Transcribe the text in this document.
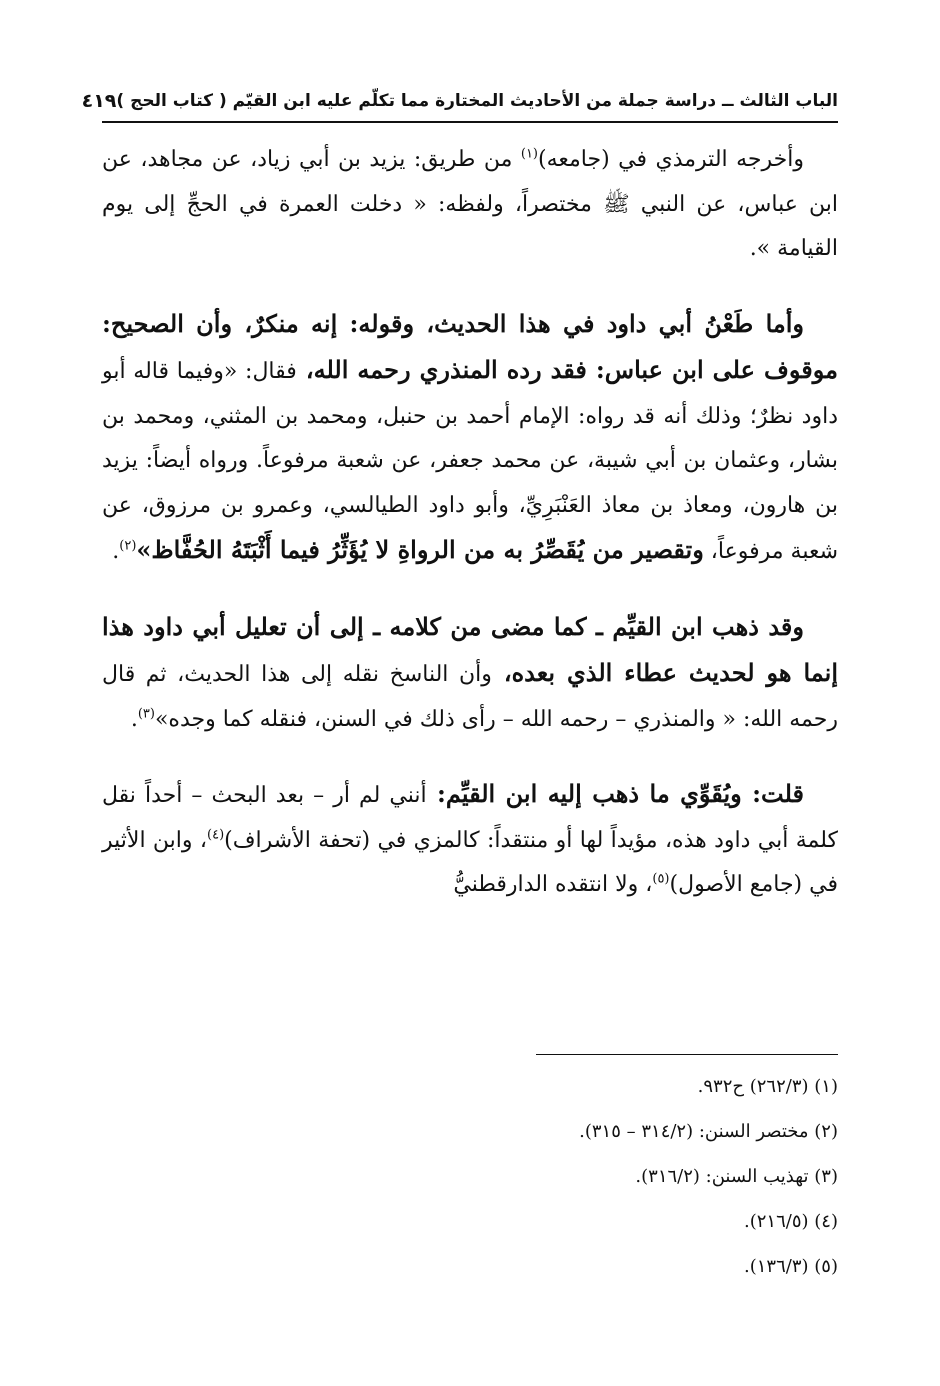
الباب الثالث ــ دراسة جملة من الأحاديث المختارة مما تكلّم عليه ابن القيّم ( كتاب الحج )
٤١٩

وأخرجه الترمذي في (جامعه)$^{(١)}$ من طريق: يزيد بن أبي زياد، عن مجاهد، عن ابن عباس، عن النبي ﷺ مختصراً، ولفظه: « دخلت العمرة في الحجِّ إلى يوم القيامة ».

وأما طَعْنُ أبي داود في هذا الحديث، وقوله: إنه منكرٌ، وأن الصحيح: موقوف على ابن عباس: فقد رده المنذري رحمه الله، فقال: «وفيما قاله أبو داود نظرٌ؛ وذلك أنه قد رواه: الإمام أحمد بن حنبل، ومحمد بن المثني، ومحمد بن بشار، وعثمان بن أبي شيبة، عن محمد جعفر، عن شعبة مرفوعاً. ورواه أيضاً: يزيد بن هارون، ومعاذ بن معاذ العَنْبَرِيِّ، وأبو داود الطيالسي، وعمرو بن مرزوق، عن شعبة مرفوعاً، وتقصير من يُقَصِّرُ به من الرواةِ لا يُؤَثِّرُ فيما أَثْبَتَهُ الحُفَّاظ»$^{(٢)}$.

وقد ذهب ابن القيِّم ـ كما مضى من كلامه ـ إلى أن تعليل أبي داود هذا إنما هو لحديث عطاء الذي بعده، وأن الناسخ نقله إلى هذا الحديث، ثم قال رحمه الله: « والمنذري – رحمه الله – رأى ذلك في السنن، فنقله كما وجده»$^{(٣)}$.

قلت: ويُقَوِّي ما ذهب إليه ابن القيِّم: أنني لم أر – بعد البحث – أحداً نقل كلمة أبي داود هذه، مؤيداً لها أو منتقداً: كالمزي في (تحفة الأشراف)$^{(٤)}$، وابن الأثير في (جامع الأصول)$^{(٥)}$، ولا انتقده الدارقطنيُّ

(١) (٢٦٢/٣) ح٩٣٢.
(٢) مختصر السنن: (٣١٤/٢ – ٣١٥).
(٣) تهذيب السنن: (٣١٦/٢).
(٤) (٢١٦/٥).
(٥) (١٣٦/٣).
